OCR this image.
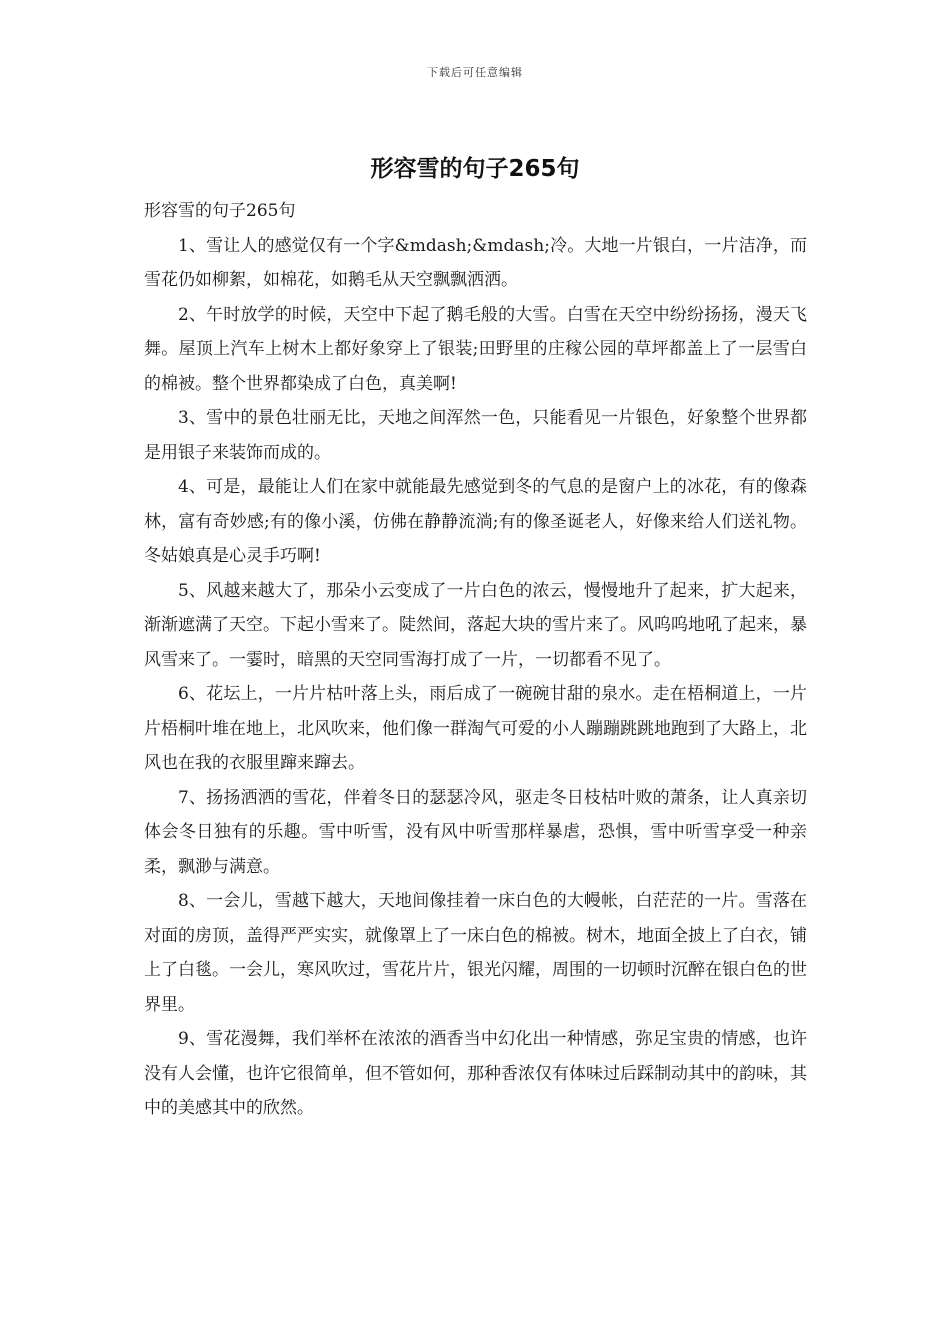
下载后可任意编辑
形容雪的句子265句

形容雪的句子265句

1、雪让人的感觉仅有一个字&mdash;&mdash;冷。大地一片银白，一片洁净，而雪花仍如柳絮，如棉花，如鹅毛从天空飘飘洒洒。

2、午时放学的时候，天空中下起了鹅毛般的大雪。白雪在天空中纷纷扬扬，漫天飞舞。屋顶上汽车上树木上都好象穿上了银装;田野里的庄稼公园的草坪都盖上了一层雪白的棉被。整个世界都染成了白色，真美啊!

3、雪中的景色壮丽无比，天地之间浑然一色，只能看见一片银色，好象整个世界都是用银子来装饰而成的。

4、可是，最能让人们在家中就能最先感觉到冬的气息的是窗户上的冰花，有的像森林，富有奇妙感;有的像小溪，仿佛在静静流淌;有的像圣诞老人，好像来给人们送礼物。冬姑娘真是心灵手巧啊!

5、风越来越大了，那朵小云变成了一片白色的浓云，慢慢地升了起来，扩大起来，渐渐遮满了天空。下起小雪来了。陡然间，落起大块的雪片来了。风呜呜地吼了起来，暴风雪来了。一霎时，暗黑的天空同雪海打成了一片，一切都看不见了。

6、花坛上，一片片枯叶落上头，雨后成了一碗碗甘甜的泉水。走在梧桐道上，一片片梧桐叶堆在地上，北风吹来，他们像一群淘气可爱的小人蹦蹦跳跳地跑到了大路上，北风也在我的衣服里蹿来蹿去。

7、扬扬洒洒的雪花，伴着冬日的瑟瑟冷风，驱走冬日枝枯叶败的萧条，让人真亲切体会冬日独有的乐趣。雪中听雪，没有风中听雪那样暴虐，恐惧，雪中听雪享受一种亲柔，飘渺与满意。

8、一会儿，雪越下越大，天地间像挂着一床白色的大幔帐，白茫茫的一片。雪落在对面的房顶，盖得严严实实，就像罩上了一床白色的棉被。树木，地面全披上了白衣，铺上了白毯。一会儿，寒风吹过，雪花片片，银光闪耀，周围的一切顿时沉醉在银白色的世界里。

9、雪花漫舞，我们举杯在浓浓的酒香当中幻化出一种情感，弥足宝贵的情感，也许没有人会懂，也许它很简单，但不管如何，那种香浓仅有体味过后踩制动其中的韵味，其中的美感其中的欣然。
